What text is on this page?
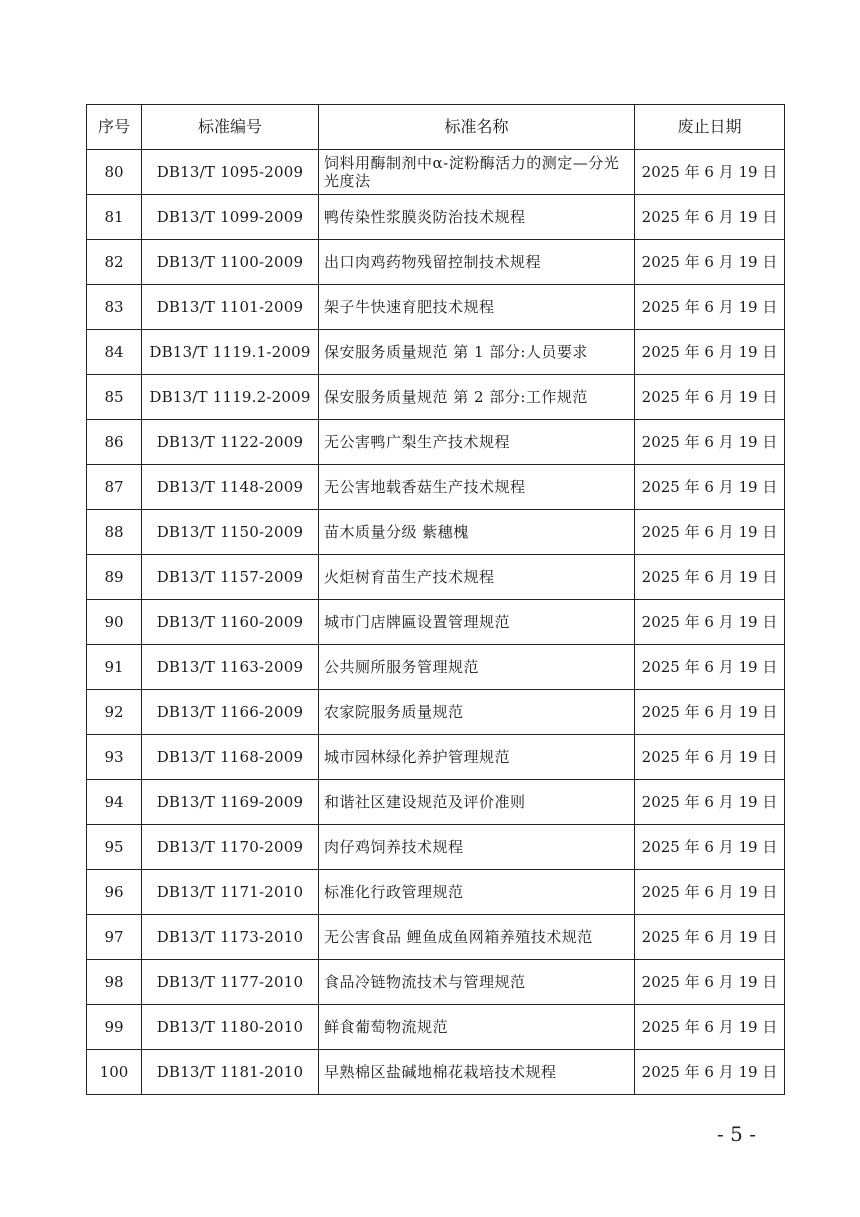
序号	标准编号	标准名称	废止日期
80	DB13/T 1095-2009	饲料用酶制剂中α-淀粉酶活力的测定—分光光度法	2025 年 6 月 19 日
81	DB13/T 1099-2009	鸭传染性浆膜炎防治技术规程	2025 年 6 月 19 日
82	DB13/T 1100-2009	出口肉鸡药物残留控制技术规程	2025 年 6 月 19 日
83	DB13/T 1101-2009	架子牛快速育肥技术规程	2025 年 6 月 19 日
84	DB13/T 1119.1-2009	保安服务质量规范 第 1 部分:人员要求	2025 年 6 月 19 日
85	DB13/T 1119.2-2009	保安服务质量规范 第 2 部分:工作规范	2025 年 6 月 19 日
86	DB13/T 1122-2009	无公害鸭广梨生产技术规程	2025 年 6 月 19 日
87	DB13/T 1148-2009	无公害地载香菇生产技术规程	2025 年 6 月 19 日
88	DB13/T 1150-2009	苗木质量分级 紫穗槐	2025 年 6 月 19 日
89	DB13/T 1157-2009	火炬树育苗生产技术规程	2025 年 6 月 19 日
90	DB13/T 1160-2009	城市门店牌匾设置管理规范	2025 年 6 月 19 日
91	DB13/T 1163-2009	公共厕所服务管理规范	2025 年 6 月 19 日
92	DB13/T 1166-2009	农家院服务质量规范	2025 年 6 月 19 日
93	DB13/T 1168-2009	城市园林绿化养护管理规范	2025 年 6 月 19 日
94	DB13/T 1169-2009	和谐社区建设规范及评价准则	2025 年 6 月 19 日
95	DB13/T 1170-2009	肉仔鸡饲养技术规程	2025 年 6 月 19 日
96	DB13/T 1171-2010	标准化行政管理规范	2025 年 6 月 19 日
97	DB13/T 1173-2010	无公害食品 鲤鱼成鱼网箱养殖技术规范	2025 年 6 月 19 日
98	DB13/T 1177-2010	食品冷链物流技术与管理规范	2025 年 6 月 19 日
99	DB13/T 1180-2010	鲜食葡萄物流规范	2025 年 6 月 19 日
100	DB13/T 1181-2010	早熟棉区盐碱地棉花栽培技术规程	2025 年 6 月 19 日
- 5 -
